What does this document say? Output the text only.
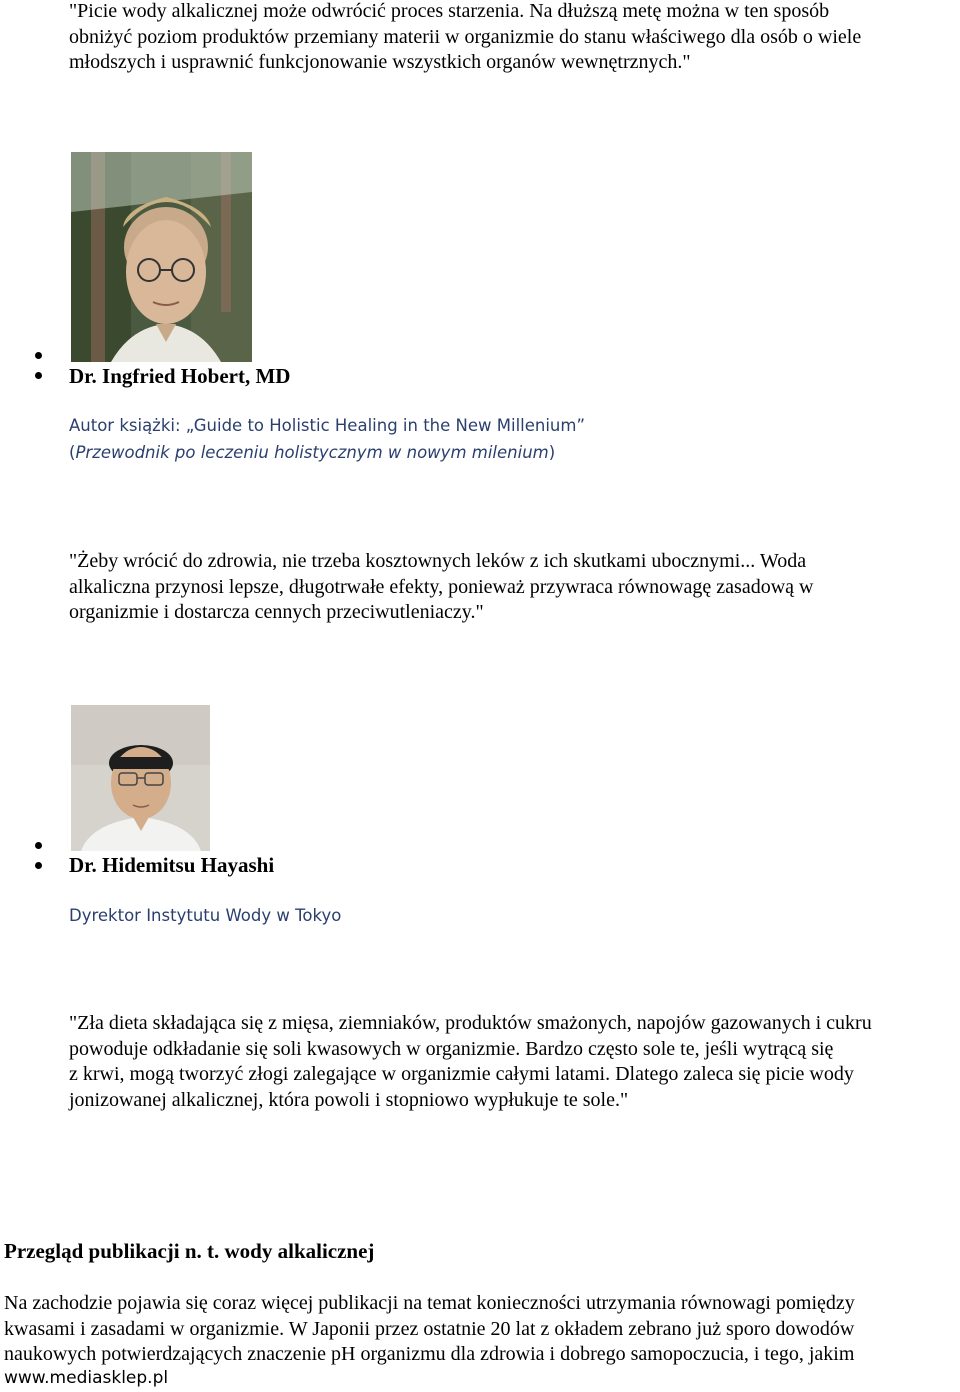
"Picie wody alkalicznej może odwrócić proces starzenia. Na dłuższą metę można w ten sposób
obniżyć poziom produktów przemiany materii w organizmie do stanu właściwego dla osób o wiele
młodszych i usprawnić funkcjonowanie wszystkich organów wewnętrznych."
Dr. Ingfried Hobert, MD
Autor książki: „Guide to Holistic Healing in the New Millenium”
(Przewodnik po leczeniu holistycznym w nowym milenium)
"Żeby wrócić do zdrowia, nie trzeba kosztownych leków z ich skutkami ubocznymi... Woda
alkaliczna przynosi lepsze, długotrwałe efekty, ponieważ przywraca równowagę zasadową w
organizmie i dostarcza cennych przeciwutleniaczy."
Dr. Hidemitsu Hayashi
Dyrektor Instytutu Wody w Tokyo
"Zła dieta składająca się z mięsa, ziemniaków, produktów smażonych, napojów gazowanych i cukru
powoduje odkładanie się soli kwasowych w organizmie. Bardzo często sole te, jeśli wytrącą się
z krwi, mogą tworzyć złogi zalegające w organizmie całymi latami. Dlatego zaleca się picie wody
jonizowanej alkalicznej, która powoli i stopniowo wypłukuje te sole."
Przegląd publikacji n. t. wody alkalicznej
Na zachodzie pojawia się coraz więcej publikacji na temat konieczności utrzymania równowagi pomiędzy
kwasami i zasadami w organizmie. W Japonii przez ostatnie 20 lat z okładem zebrano już sporo dowodów
naukowych potwierdzających znaczenie pH organizmu dla zdrowia i dobrego samopoczucia, i tego, jakim
www.mediasklep.pl
